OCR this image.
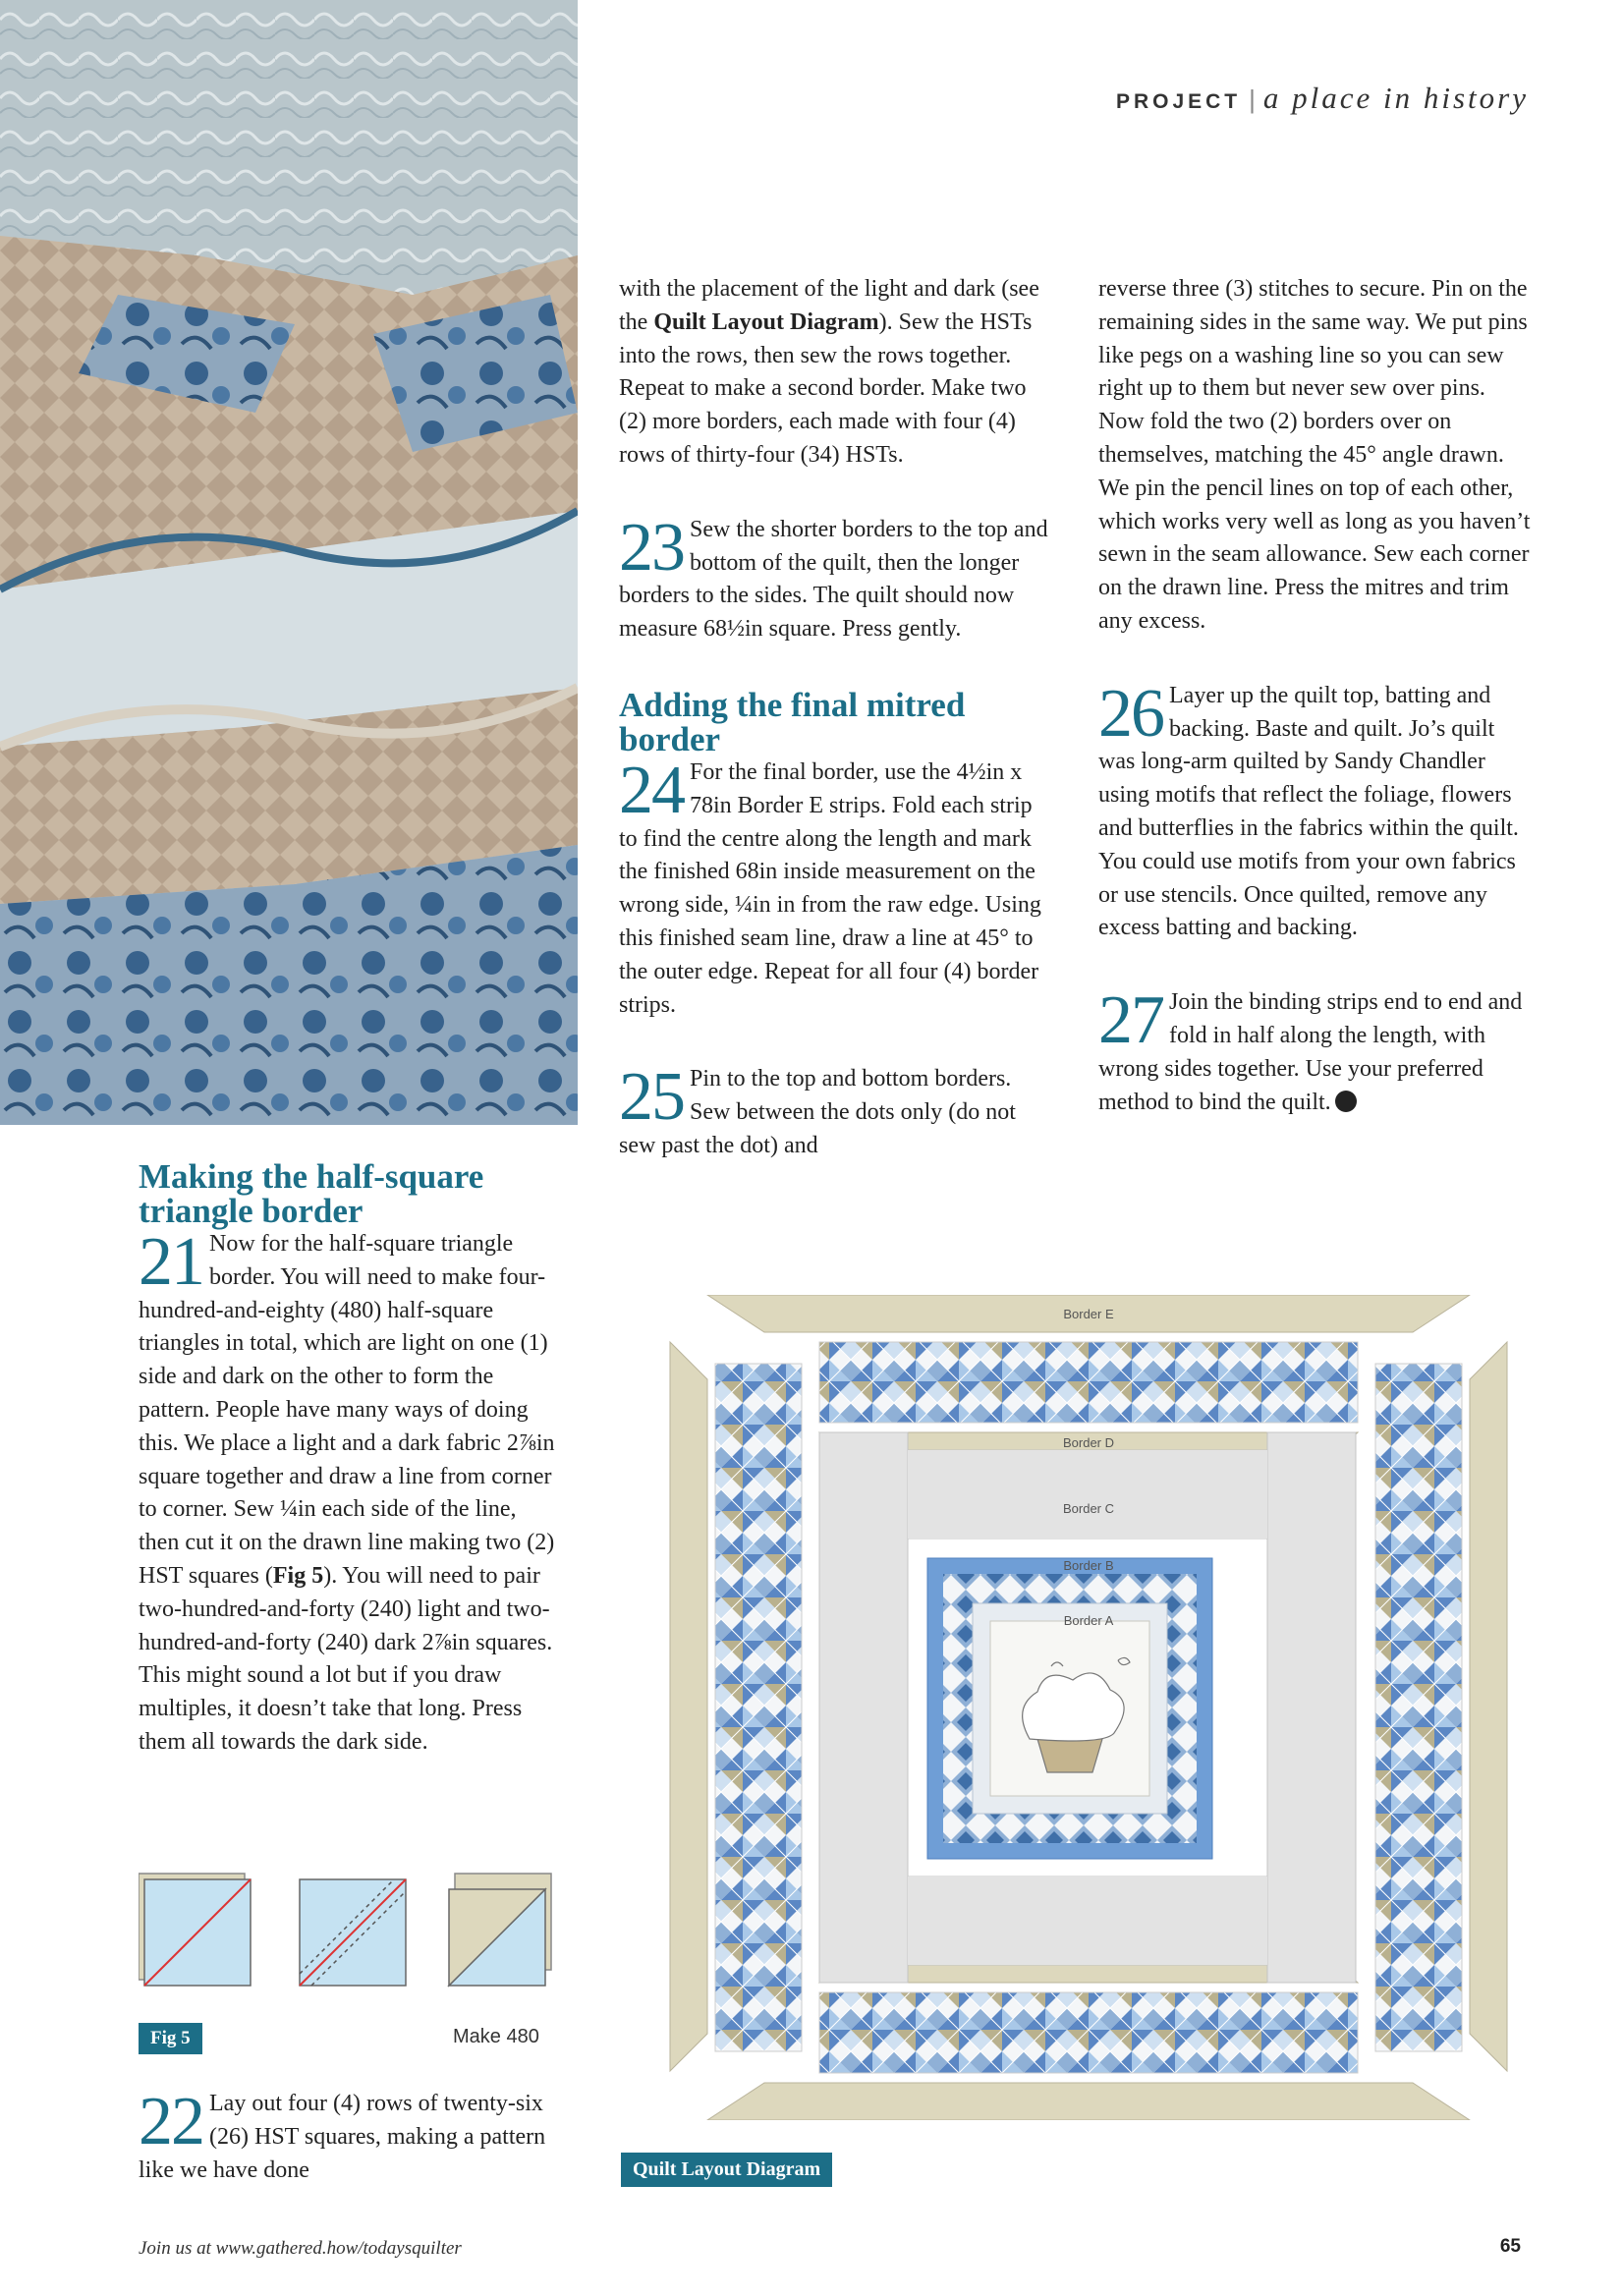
PROJECT | a place in history
Making the half-square triangle border

21 Now for the half-square triangle border. You will need to make four-hundred-and-eighty (480) half-square triangles in total, which are light on one (1) side and dark on the other to form the pattern. People have many ways of doing this. We place a light and a dark fabric 2⅞in square together and draw a line from corner to corner. Sew ¼in each side of the line, then cut it on the drawn line making two (2) HST squares (Fig 5). You will need to pair two-hundred-and-forty (240) light and two-hundred-and-forty (240) dark 2⅞in squares. This might sound a lot but if you draw multiples, it doesn’t take that long. Press them all towards the dark side.

Fig 5	Make 480

22 Lay out four (4) rows of twenty-six (26) HST squares, making a pattern like we have done

with the placement of the light and dark (see the Quilt Layout Diagram). Sew the HSTs into the rows, then sew the rows together. Repeat to make a second border. Make two (2) more borders, each made with four (4) rows of thirty-four (34) HSTs.

23 Sew the shorter borders to the top and bottom of the quilt, then the longer borders to the sides. The quilt should now measure 68½in square. Press gently.

Adding the final mitred border

24 For the final border, use the 4½in x 78in Border E strips. Fold each strip to find the centre along the length and mark the finished 68in inside measurement on the wrong side, ¼in in from the raw edge. Using this finished seam line, draw a line at 45° to the outer edge. Repeat for all four (4) border strips.

25 Pin to the top and bottom borders. Sew between the dots only (do not sew past the dot) and

reverse three (3) stitches to secure. Pin on the remaining sides in the same way. We put pins like pegs on a washing line so you can sew right up to them but never sew over pins. Now fold the two (2) borders over on themselves, matching the 45° angle drawn. We pin the pencil lines on top of each other, which works very well as long as you haven’t sewn in the seam allowance. Sew each corner on the drawn line. Press the mitres and trim any excess.

26 Layer up the quilt top, batting and backing. Baste and quilt. Jo’s quilt was long-arm quilted by Sandy Chandler using motifs that reflect the foliage, flowers and butterflies in the fabrics within the quilt. You could use motifs from your own fabrics or use stencils. Once quilted, remove any excess batting and backing.

27 Join the binding strips end to end and fold in half along the length, with wrong sides together. Use your preferred method to bind the quilt.

Border E
Border D
Border C
Border B
Border A
Quilt Layout Diagram
Join us at www.gathered.how/todaysquilter	65
